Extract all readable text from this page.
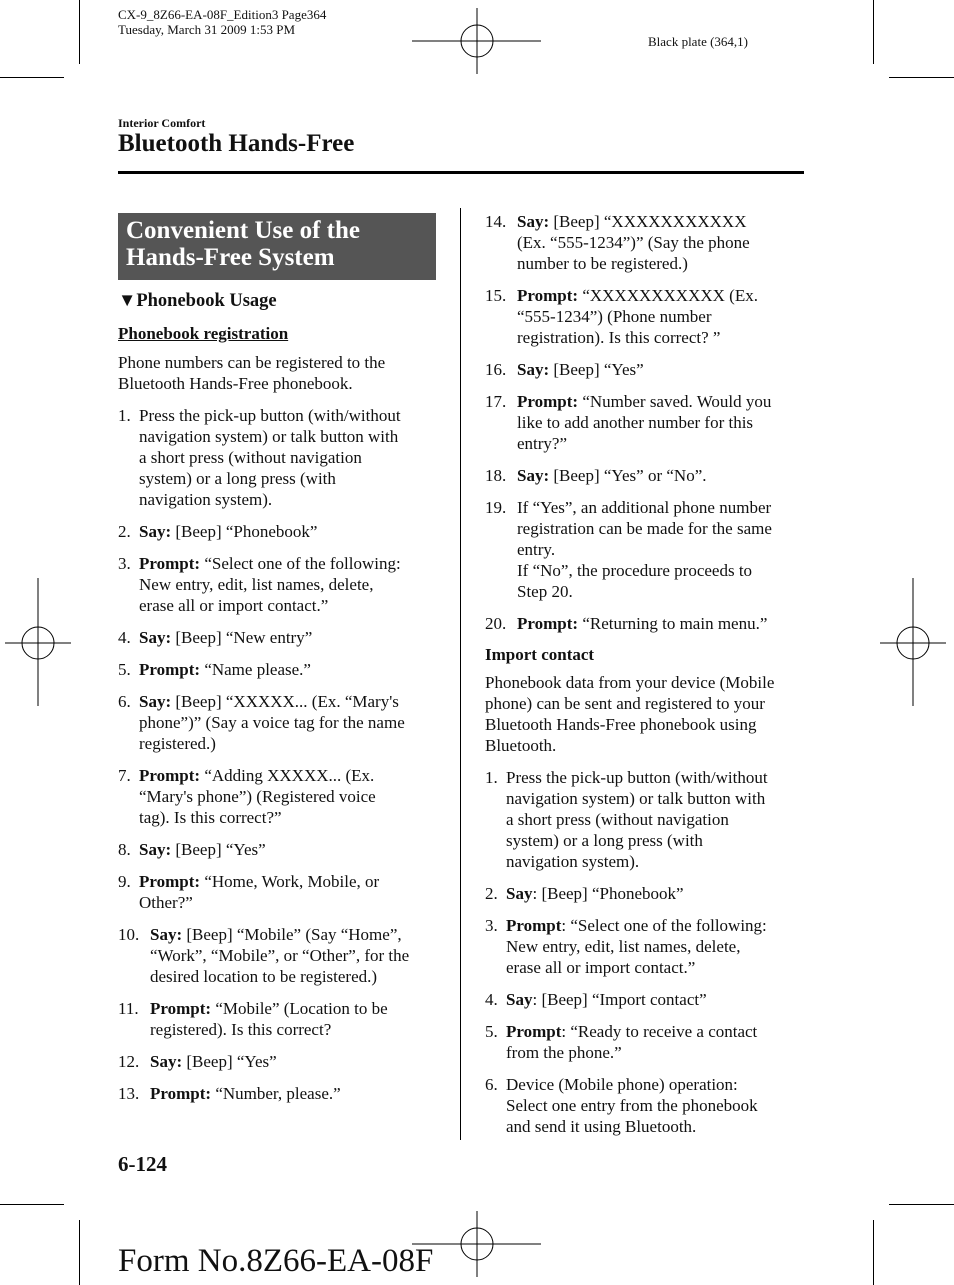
CX-9_8Z66-EA-08F_Edition3 Page364
Tuesday, March 31 2009 1:53 PM
Black plate (364,1)
Interior Comfort
Bluetooth Hands-Free
Convenient Use of the
Hands-Free System

▼Phonebook Usage

Phonebook registration

Phone numbers can be registered to the
Bluetooth Hands-Free phonebook.
1. Press the pick-up button (with/without
navigation system) or talk button with
a short press (without navigation
system) or a long press (with
navigation system).
2. Say: [Beep] “Phonebook”
3. Prompt: “Select one of the following:
New entry, edit, list names, delete,
erase all or import contact.”
4. Say: [Beep] “New entry”
5. Prompt: “Name please.”
6. Say: [Beep] “XXXXX... (Ex. “Mary's
phone”)” (Say a voice tag for the name
registered.)
7. Prompt: “Adding XXXXX... (Ex.
“Mary's phone”) (Registered voice
tag). Is this correct?”
8. Say: [Beep] “Yes”
9. Prompt: “Home, Work, Mobile, or
Other?”
10. Say: [Beep] “Mobile” (Say “Home”,
“Work”, “Mobile”, or “Other”, for the
desired location to be registered.)
11. Prompt: “Mobile” (Location to be
registered). Is this correct?
12. Say: [Beep] “Yes”
13. Prompt: “Number, please.”
14. Say: [Beep] “XXXXXXXXXXX
(Ex. “555-1234”)” (Say the phone
number to be registered.)
15. Prompt: “XXXXXXXXXXX (Ex.
“555-1234”) (Phone number
registration). Is this correct? ”
16. Say: [Beep] “Yes”
17. Prompt: “Number saved. Would you
like to add another number for this
entry?”
18. Say: [Beep] “Yes” or “No”.
19. If “Yes”, an additional phone number
registration can be made for the same
entry.
If “No”, the procedure proceeds to
Step 20.
20. Prompt: “Returning to main menu.”

Import contact

Phonebook data from your device (Mobile
phone) can be sent and registered to your
Bluetooth Hands-Free phonebook using
Bluetooth.
1. Press the pick-up button (with/without
navigation system) or talk button with
a short press (without navigation
system) or a long press (with
navigation system).
2. Say: [Beep] “Phonebook”
3. Prompt: “Select one of the following:
New entry, edit, list names, delete,
erase all or import contact.”
4. Say: [Beep] “Import contact”
5. Prompt: “Ready to receive a contact
from the phone.”
6. Device (Mobile phone) operation:
Select one entry from the phonebook
and send it using Bluetooth.
6-124
Form No.8Z66-EA-08F
